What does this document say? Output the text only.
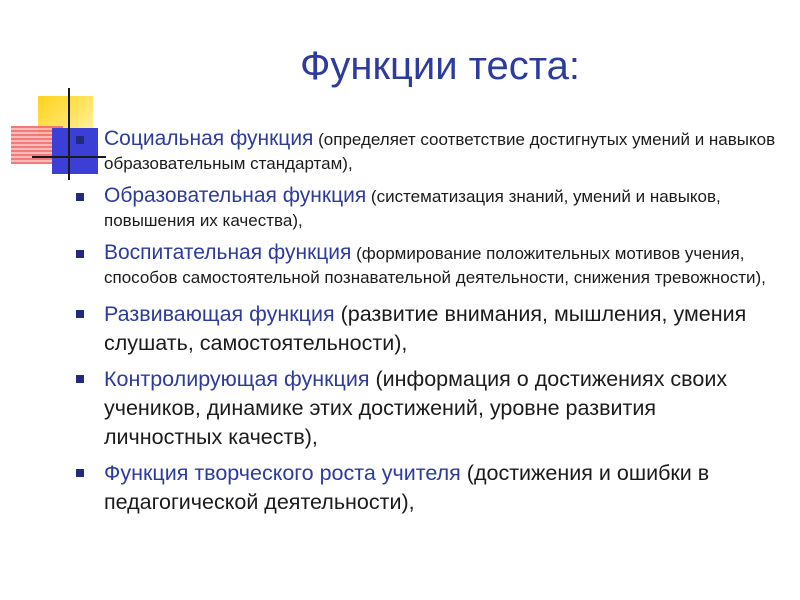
Функции теста:
Социальная функция (определяет соответствие достигнутых умений и навыков образовательным стандартам),
Образовательная функция (систематизация знаний, умений и навыков, повышения их качества),
Воспитательная функция (формирование положительных мотивов учения, способов самостоятельной познавательной деятельности, снижения тревожности),
Развивающая функция (развитие внимания, мышления, умения слушать, самостоятельности),
Контролирующая функция (информация о достижениях своих учеников, динамике этих достижений, уровне развития личностных качеств),
Функция творческого роста учителя (достижения и ошибки в педагогической деятельности),
